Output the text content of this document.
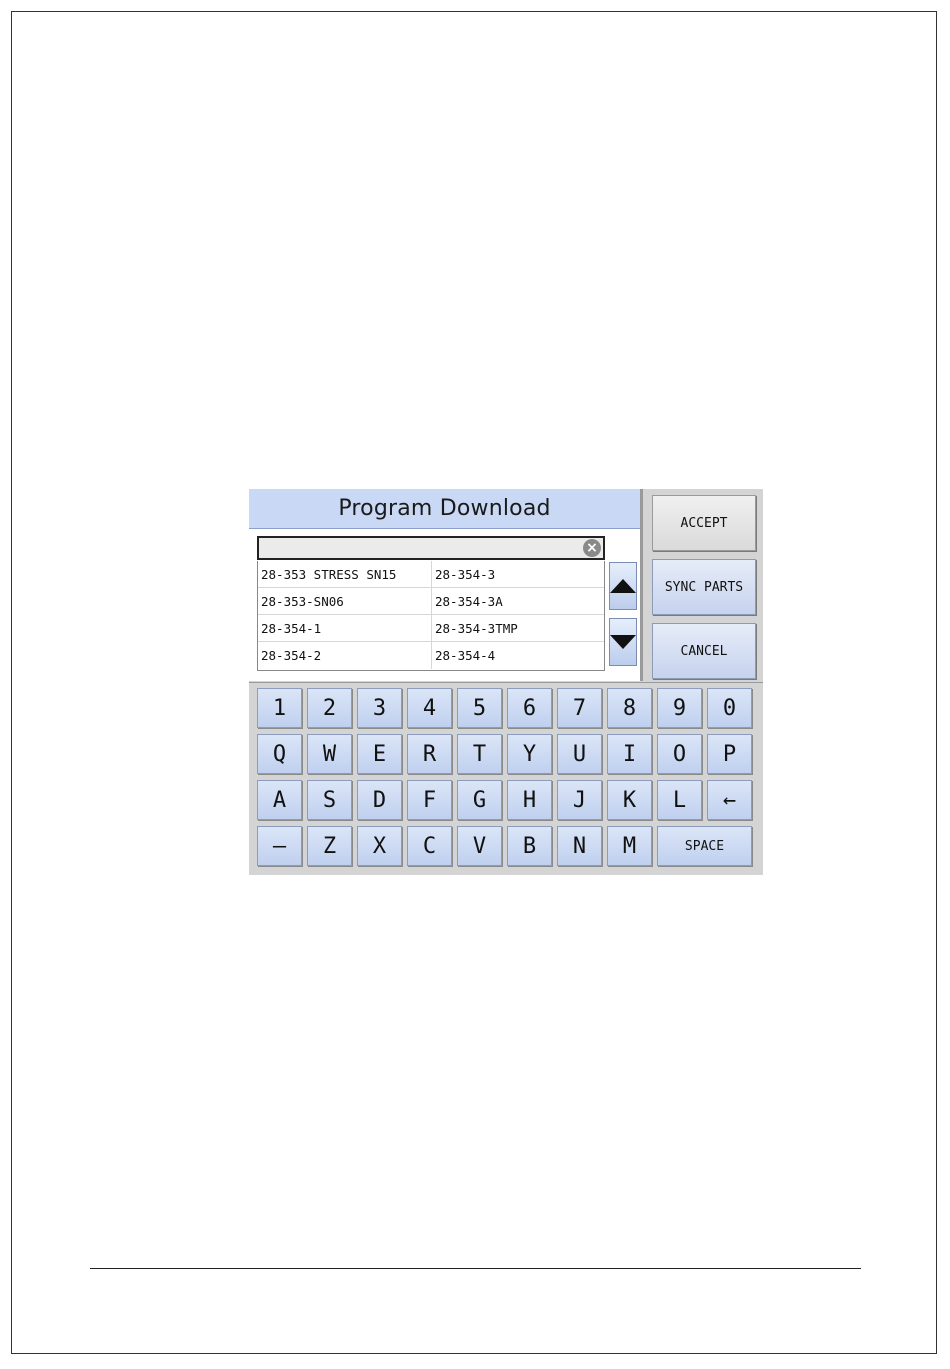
Program Download
×
28-353 STRESS SN15	28-354-3
28-353-SN06	28-354-3A
28-354-1	28-354-3TMP
28-354-2	28-354-4
ACCEPT
SYNC PARTS
CANCEL
1	2	3	4	5	6	7	8	9	0
Q	W	E	R	T	Y	U	I	O	P
A	S	D	F	G	H	J	K	L	←
–	Z	X	C	V	B	N	M	SPACE
